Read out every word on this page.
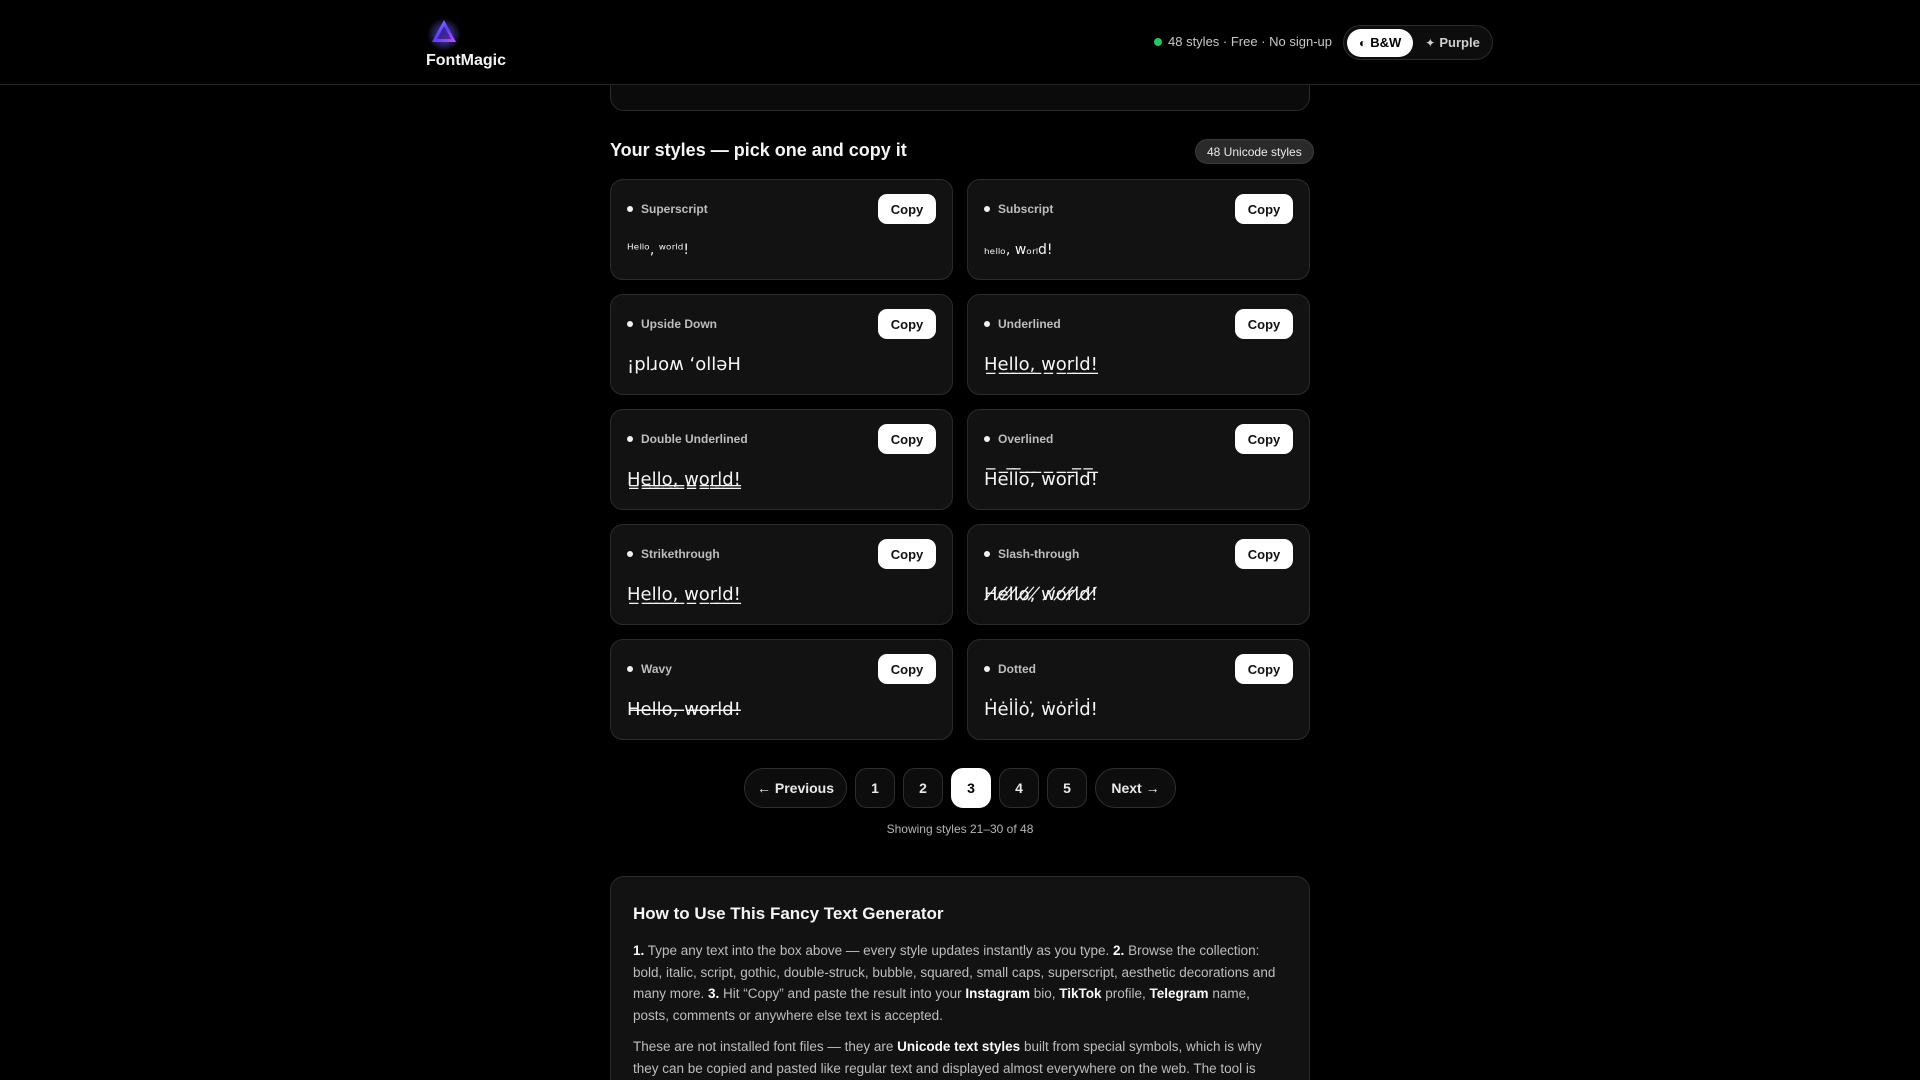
FontMagic
48 styles · Free · No sign-up ◐ B&W ✦ Purple
Your styles — pick one and copy it	48 Unicode styles
Superscript	Copy
ᴴᵉˡˡᵒ, ʷᵒʳˡᵈ!
Subscript	Copy
ₕₑₗₗₒ, wₒᵣₗd!
Upside Down	Copy
¡plɹoʍ ‘olləH
Underlined	Copy
H̲e̲l̲l̲o̲,̲ ̲w̲o̲r̲l̲d̲!̲
Double Underlined	Copy
H̳e̳l̳l̳o̳,̳ ̳w̳o̳r̳l̳d̳!̳
Overlined	Copy
H̅e̅l̅l̅o̅,̅ ̅w̅o̅r̅l̅d̅!̅
Strikethrough	Copy
H̲e̲l̲l̲o̲,̲ ̲w̲o̲r̲l̲d̲!̲
Slash-through	Copy
H̸e̸l̸l̸o̸,̸ ̸w̸o̸r̸l̸d̸!̸
Wavy	Copy
H̶e̶l̶l̶o̶,̶ ̶w̶o̶r̶l̶d̶!̶
Dotted	Copy
Ḣėl̇l̇ȯ,̇ ẇȯṙl̇ḋ!
← Previous	1	2	3	4	5	Next →
Showing styles 21–30 of 48
How to Use This Fancy Text Generator

1. Type any text into the box above — every style updates instantly as you type. 2. Browse the collection: bold, italic, script, gothic, double-struck, bubble, squared, small caps, superscript, aesthetic decorations and many more. 3. Hit “Copy” and paste the result into your Instagram bio, TikTok profile, Telegram name, posts, comments or anywhere else text is accepted.

These are not installed font files — they are Unicode text styles built from special symbols, which is why they can be copied and pasted like regular text and displayed almost everywhere on the web. The tool is
